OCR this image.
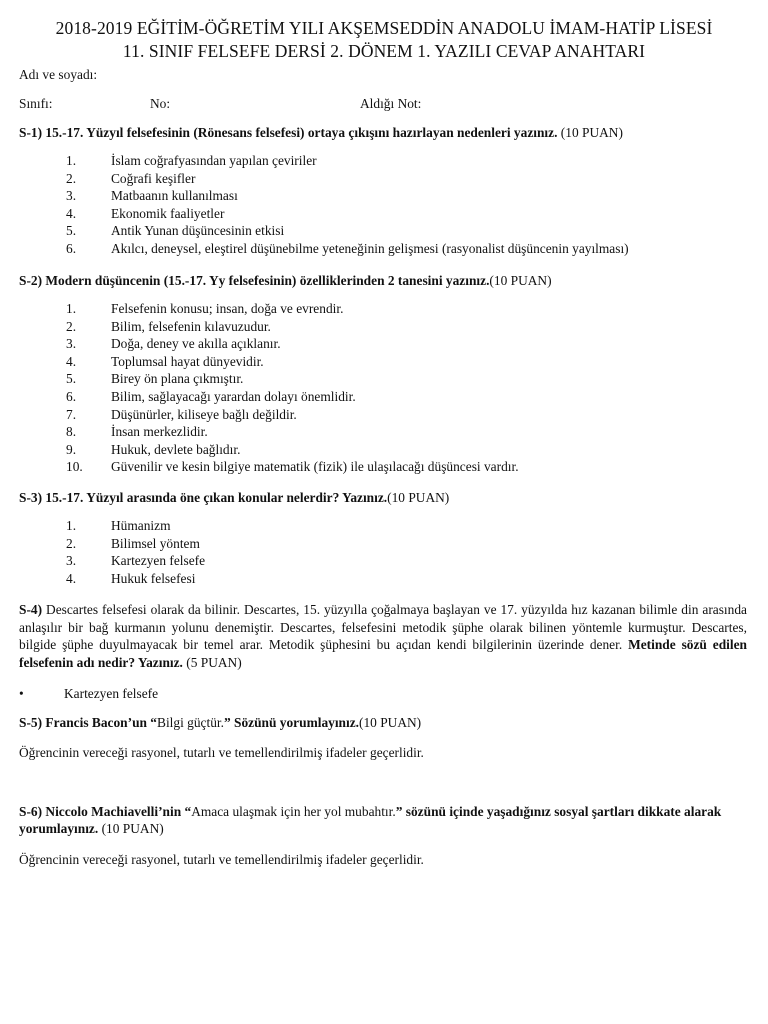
2018-2019 EĞİTİM-ÖĞRETİM YILI AKŞEMSEDDİN ANADOLU İMAM-HATİP LİSESİ
11. SINIF FELSEFE DERSİ 2. DÖNEM 1. YAZILI CEVAP ANAHTARI
Adı ve soyadı:
Sınıfı:	No:	Aldığı Not:
S-1) 15.-17. Yüzyıl felsefesinin (Rönesans felsefesi) ortaya çıkışını hazırlayan nedenleri yazınız. (10 PUAN)
1.	İslam coğrafyasından yapılan çeviriler
2.	Coğrafi keşifler
3.	Matbaanın kullanılması
4.	Ekonomik faaliyetler
5.	Antik Yunan düşüncesinin etkisi
6.	Akılcı, deneysel, eleştirel düşünebilme yeteneğinin gelişmesi (rasyonalist düşüncenin yayılması)
S-2) Modern düşüncenin (15.-17. Yy felsefesinin) özelliklerinden 2 tanesini yazınız.(10 PUAN)
1.	Felsefenin konusu; insan, doğa ve evrendir.
2.	Bilim, felsefenin kılavuzudur.
3.	Doğa, deney ve akılla açıklanır.
4.	Toplumsal hayat dünyevidir.
5.	Birey ön plana çıkmıştır.
6.	Bilim, sağlayacağı yarardan dolayı önemlidir.
7.	Düşünürler, kiliseye bağlı değildir.
8.	İnsan merkezlidir.
9.	Hukuk, devlete bağlıdır.
10. Güvenilir ve kesin bilgiye matematik (fizik) ile ulaşılacağı düşüncesi vardır.
S-3) 15.-17. Yüzyıl arasında öne çıkan konular nelerdir? Yazınız.(10 PUAN)
1.	Hümanizm
2.	Bilimsel yöntem
3.	Kartezyen felsefe
4.	Hukuk felsefesi
S-4) Descartes felsefesi olarak da bilinir. Descartes, 15. yüzyılla çoğalmaya başlayan ve 17. yüzyılda hız kazanan bilimle din arasında anlaşılır bir bağ kurmanın yolunu denemiştir. Descartes, felsefesini metodik şüphe olarak bilinen yöntemle kurmuştur. Descartes, bilgide şüphe duyulmayacak bir temel arar. Metodik şüphesini bu açıdan kendi bilgilerinin üzerinde dener. Metinde sözü edilen felsefenin adı nedir? Yazınız. (5 PUAN)
•	Kartezyen felsefe
S-5) Francis Bacon’un “Bilgi güçtür.” Sözünü yorumlayınız.(10 PUAN)
Öğrencinin vereceği rasyonel, tutarlı ve temellendirilmiş ifadeler geçerlidir.
S-6) Niccolo Machiavelli’nin “Amaca ulaşmak için her yol mubahtır.” sözünü içinde yaşadığınız sosyal şartları dikkate alarak yorumlayınız. (10 PUAN)
Öğrencinin vereceği rasyonel, tutarlı ve temellendirilmiş ifadeler geçerlidir.
